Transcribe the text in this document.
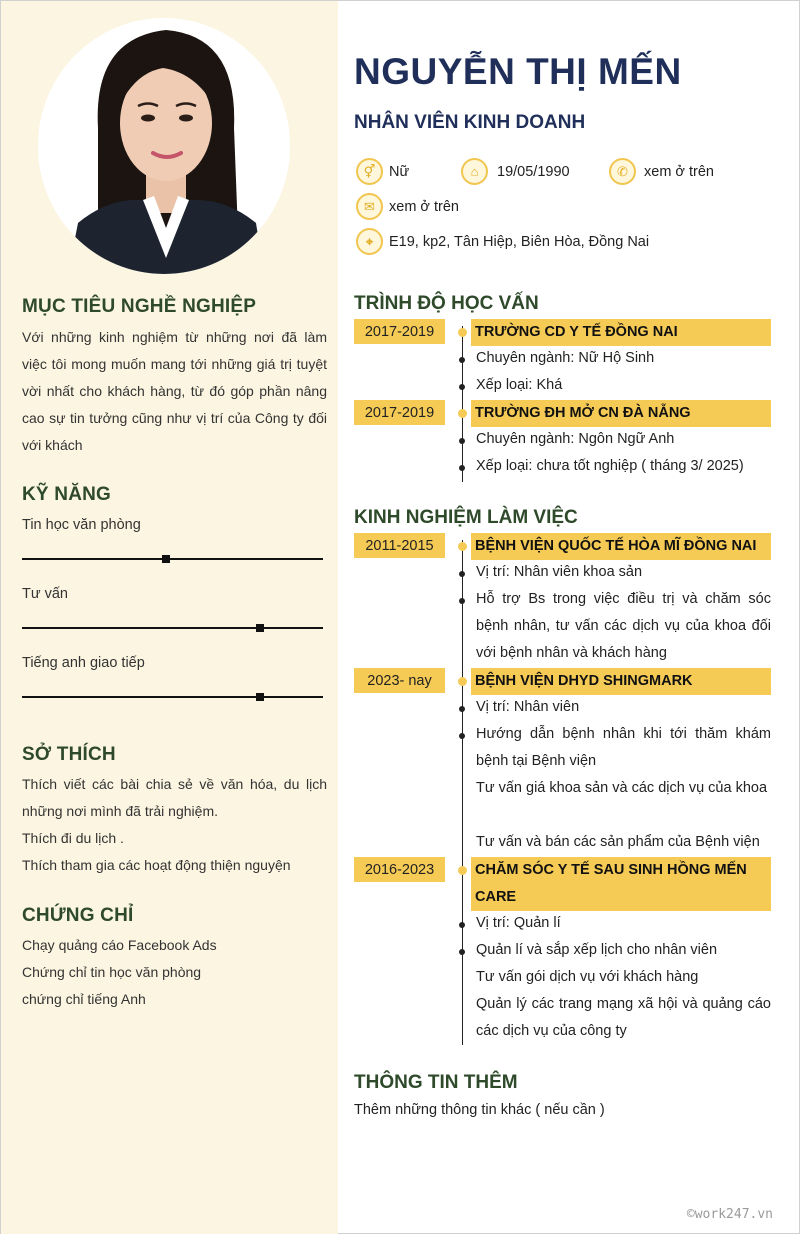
MỤC TIÊU NGHỀ NGHIỆP
Với những kinh nghiệm từ những nơi đã làm việc tôi mong muốn mang tới những giá trị tuyệt vời nhất cho khách hàng, từ đó góp phần nâng cao sự tin tưởng cũng như vị trí của Công ty đối với khách
KỸ NĂNG
Tin học văn phòng
Tư vấn
Tiếng anh giao tiếp
SỞ THÍCH
Thích viết các bài chia sẻ về văn hóa, du lịch những nơi mình đã trải nghiệm.
Thích đi du lịch .
Thích tham gia các hoạt động thiện nguyện
CHỨNG CHỈ
Chạy quảng cáo Facebook Ads
Chứng chỉ tin học văn phòng
chứng chỉ tiếng Anh
NGUYỄN THỊ MẾN
NHÂN VIÊN KINH DOANH
⚥ Nữ	⌂	19/05/1990	✆	xem ở trên
✉ xem ở trên
⌖	E19, kp2, Tân Hiệp, Biên Hòa, Đồng Nai
TRÌNH ĐỘ HỌC VẤN
2017-2019	TRƯỜNG CD Y TẾ ĐỒNG NAI
Chuyên ngành: Nữ Hộ Sinh
Xếp loại: Khá
2017-2019	TRƯỜNG ĐH MỞ CN ĐÀ NẴNG
Chuyên ngành: Ngôn Ngữ Anh
Xếp loại: chưa tốt nghiệp ( tháng 3/ 2025)
KINH NGHIỆM LÀM VIỆC
2011-2015	BỆNH VIỆN QUỐC TẾ HÒA MĨ ĐỒNG NAI
Vị trí: Nhân viên khoa sản
Hỗ trợ Bs trong việc điều trị và chăm sóc bệnh nhân, tư vấn các dịch vụ của khoa đối với bệnh nhân và khách hàng
2023- nay	BỆNH VIỆN DHYD SHINGMARK
Vị trí: Nhân viên
Hướng dẫn bệnh nhân khi tới thăm khám bệnh tại Bệnh viện
Tư vấn giá khoa sản và các dịch vụ của khoa
Tư vấn và bán các sản phẩm của Bệnh viện
2016-2023	CHĂM SÓC Y TẾ SAU SINH HỒNG MẾN CARE
Vị trí: Quản lí
Quản lí và sắp xếp lịch cho nhân viên
Tư vấn gói dịch vụ với khách hàng
Quản lý các trang mạng xã hội và quảng cáo các dịch vụ của công ty
THÔNG TIN THÊM
Thêm những thông tin khác ( nếu cần )
©work247.vn
